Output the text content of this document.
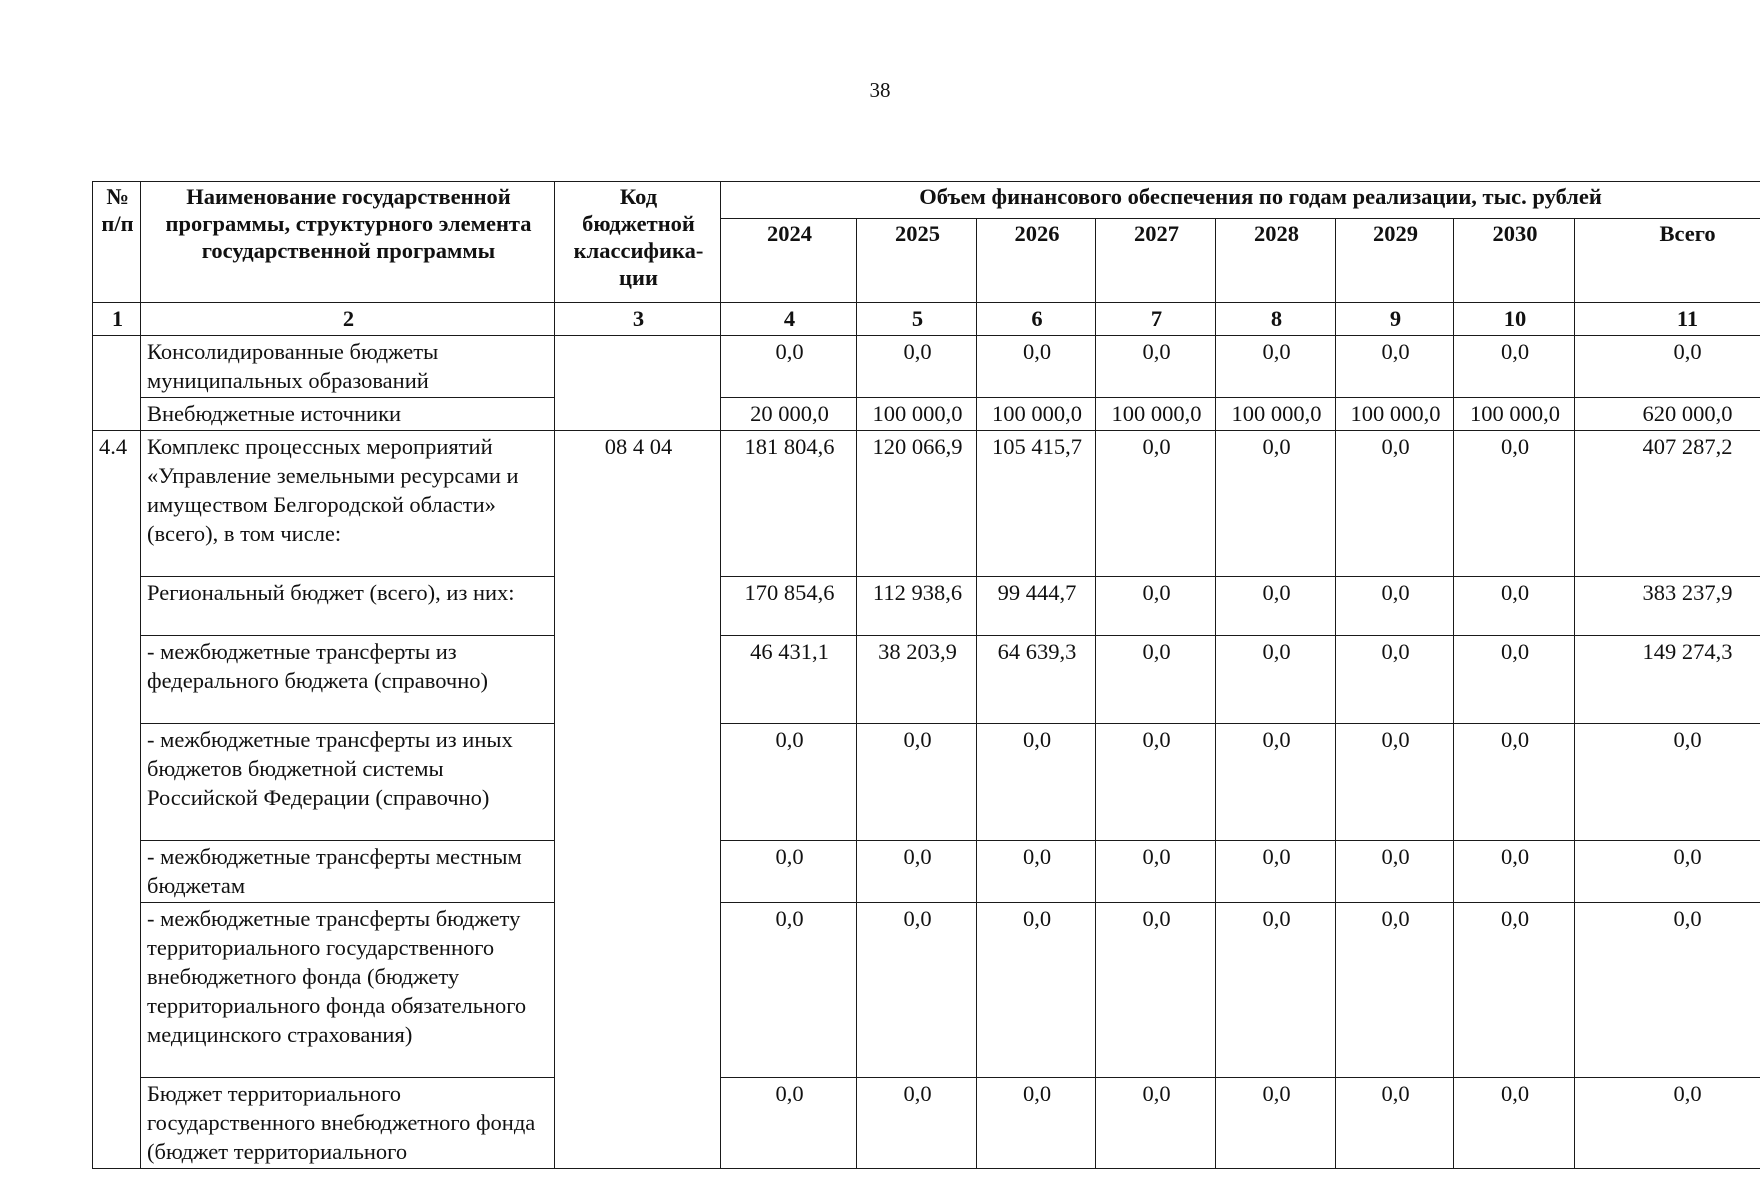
38
№ п/п	Наименование государственной программы, структурного элемента государственной программы	Код бюджетной классифика-ции	Объем финансового обеспечения по годам реализации, тыс. рублей							
			2024	2025	2026	2027	2028	2029	2030	Всего
1	2	3	4	5	6	7	8	9	10	11
	Консолидированные бюджеты муниципальных образований		0,0	0,0	0,0	0,0	0,0	0,0	0,0	0,0
	Внебюджетные источники		20 000,0	100 000,0	100 000,0	100 000,0	100 000,0	100 000,0	100 000,0	620 000,0
4.4	Комплекс процессных мероприятий «Управление земельными ресурсами и имуществом Белгородской области» (всего), в том числе:	08 4 04	181 804,6	120 066,9	105 415,7	0,0	0,0	0,0	0,0	407 287,2
	Региональный бюджет (всего), из них:		170 854,6	112 938,6	99 444,7	0,0	0,0	0,0	0,0	383 237,9
	- межбюджетные трансферты из федерального бюджета (справочно)		46 431,1	38 203,9	64 639,3	0,0	0,0	0,0	0,0	149 274,3
	- межбюджетные трансферты из иных бюджетов бюджетной системы Российской Федерации (справочно)		0,0	0,0	0,0	0,0	0,0	0,0	0,0	0,0
	- межбюджетные трансферты местным бюджетам		0,0	0,0	0,0	0,0	0,0	0,0	0,0	0,0
	- межбюджетные трансферты бюджету территориального государственного внебюджетного фонда (бюджету территориального фонда обязательного медицинского страхования)		0,0	0,0	0,0	0,0	0,0	0,0	0,0	0,0
	Бюджет территориального государственного внебюджетного фонда (бюджет территориального		0,0	0,0	0,0	0,0	0,0	0,0	0,0	0,0
